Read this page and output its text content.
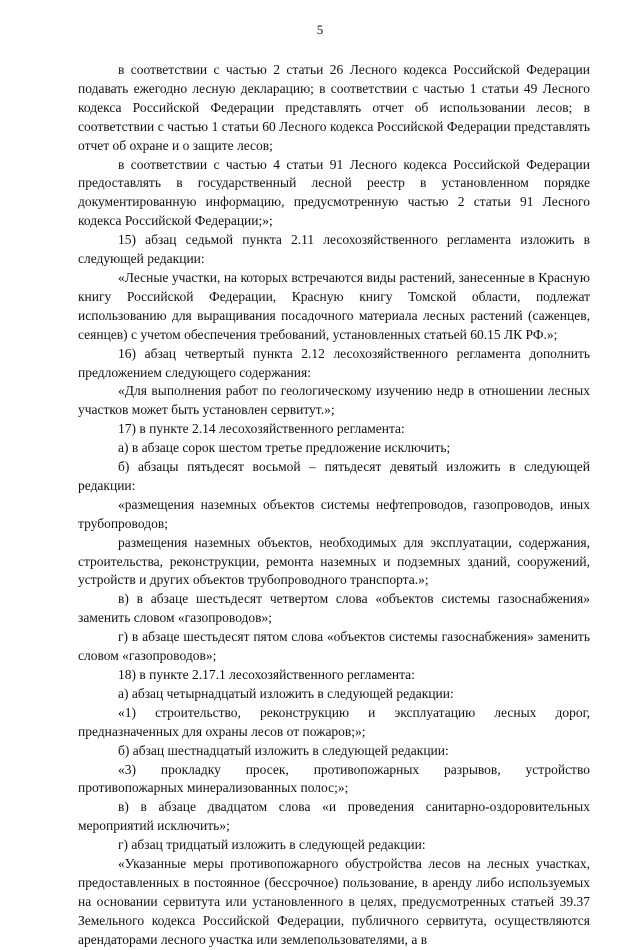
5

в соответствии с частью 2 статьи 26 Лесного кодекса Российской Федерации подавать ежегодно лесную декларацию; в соответствии с частью 1 статьи 49 Лесного кодекса Российской Федерации представлять отчет об использовании лесов; в соответствии с частью 1 статьи 60 Лесного кодекса Российской Федерации представлять отчет об охране и о защите лесов;

в соответствии с частью 4 статьи 91 Лесного кодекса Российской Федерации предоставлять в государственный лесной реестр в установленном порядке документированную информацию, предусмотренную частью 2 статьи 91 Лесного кодекса Российской Федерации;»;

15) абзац седьмой пункта 2.11 лесохозяйственного регламента изложить в следующей редакции:

«Лесные участки, на которых встречаются виды растений, занесенные в Красную книгу Российской Федерации, Красную книгу Томской области, подлежат использованию для выращивания посадочного материала лесных растений (саженцев, сеянцев) с учетом обеспечения требований, установленных статьей 60.15 ЛК РФ.»;

16) абзац четвертый пункта 2.12 лесохозяйственного регламента дополнить предложением следующего содержания:

«Для выполнения работ по геологическому изучению недр в отношении лесных участков может быть установлен сервитут.»;

17) в пункте 2.14 лесохозяйственного регламента:

а) в абзаце сорок шестом третье предложение исключить;

б) абзацы пятьдесят восьмой – пятьдесят девятый изложить в следующей редакции:

«размещения наземных объектов системы нефтепроводов, газопроводов, иных трубопроводов;

размещения наземных объектов, необходимых для эксплуатации, содержания, строительства, реконструкции, ремонта наземных и подземных зданий, сооружений, устройств и других объектов трубопроводного транспорта.»;

в) в абзаце шестьдесят четвертом слова «объектов системы газоснабжения» заменить словом «газопроводов»;

г) в абзаце шестьдесят пятом слова «объектов системы газоснабжения» заменить словом «газопроводов»;

18) в пункте 2.17.1 лесохозяйственного регламента:

а) абзац четырнадцатый изложить в следующей редакции:

«1) строительство, реконструкцию и эксплуатацию лесных дорог, предназначенных для охраны лесов от пожаров;»;

б) абзац шестнадцатый изложить в следующей редакции:

«3) прокладку просек, противопожарных разрывов, устройство противопожарных минерализованных полос;»;

в) в абзаце двадцатом слова «и проведения санитарно-оздоровительных мероприятий исключить»;

г) абзац тридцатый изложить в следующей редакции:

«Указанные меры противопожарного обустройства лесов на лесных участках, предоставленных в постоянное (бессрочное) пользование, в аренду либо используемых на основании сервитута или установленного в целях, предусмотренных статьей 39.37 Земельного кодекса Российской Федерации, публичного сервитута, осуществляются арендаторами лесного участка или землепользователями, а в
